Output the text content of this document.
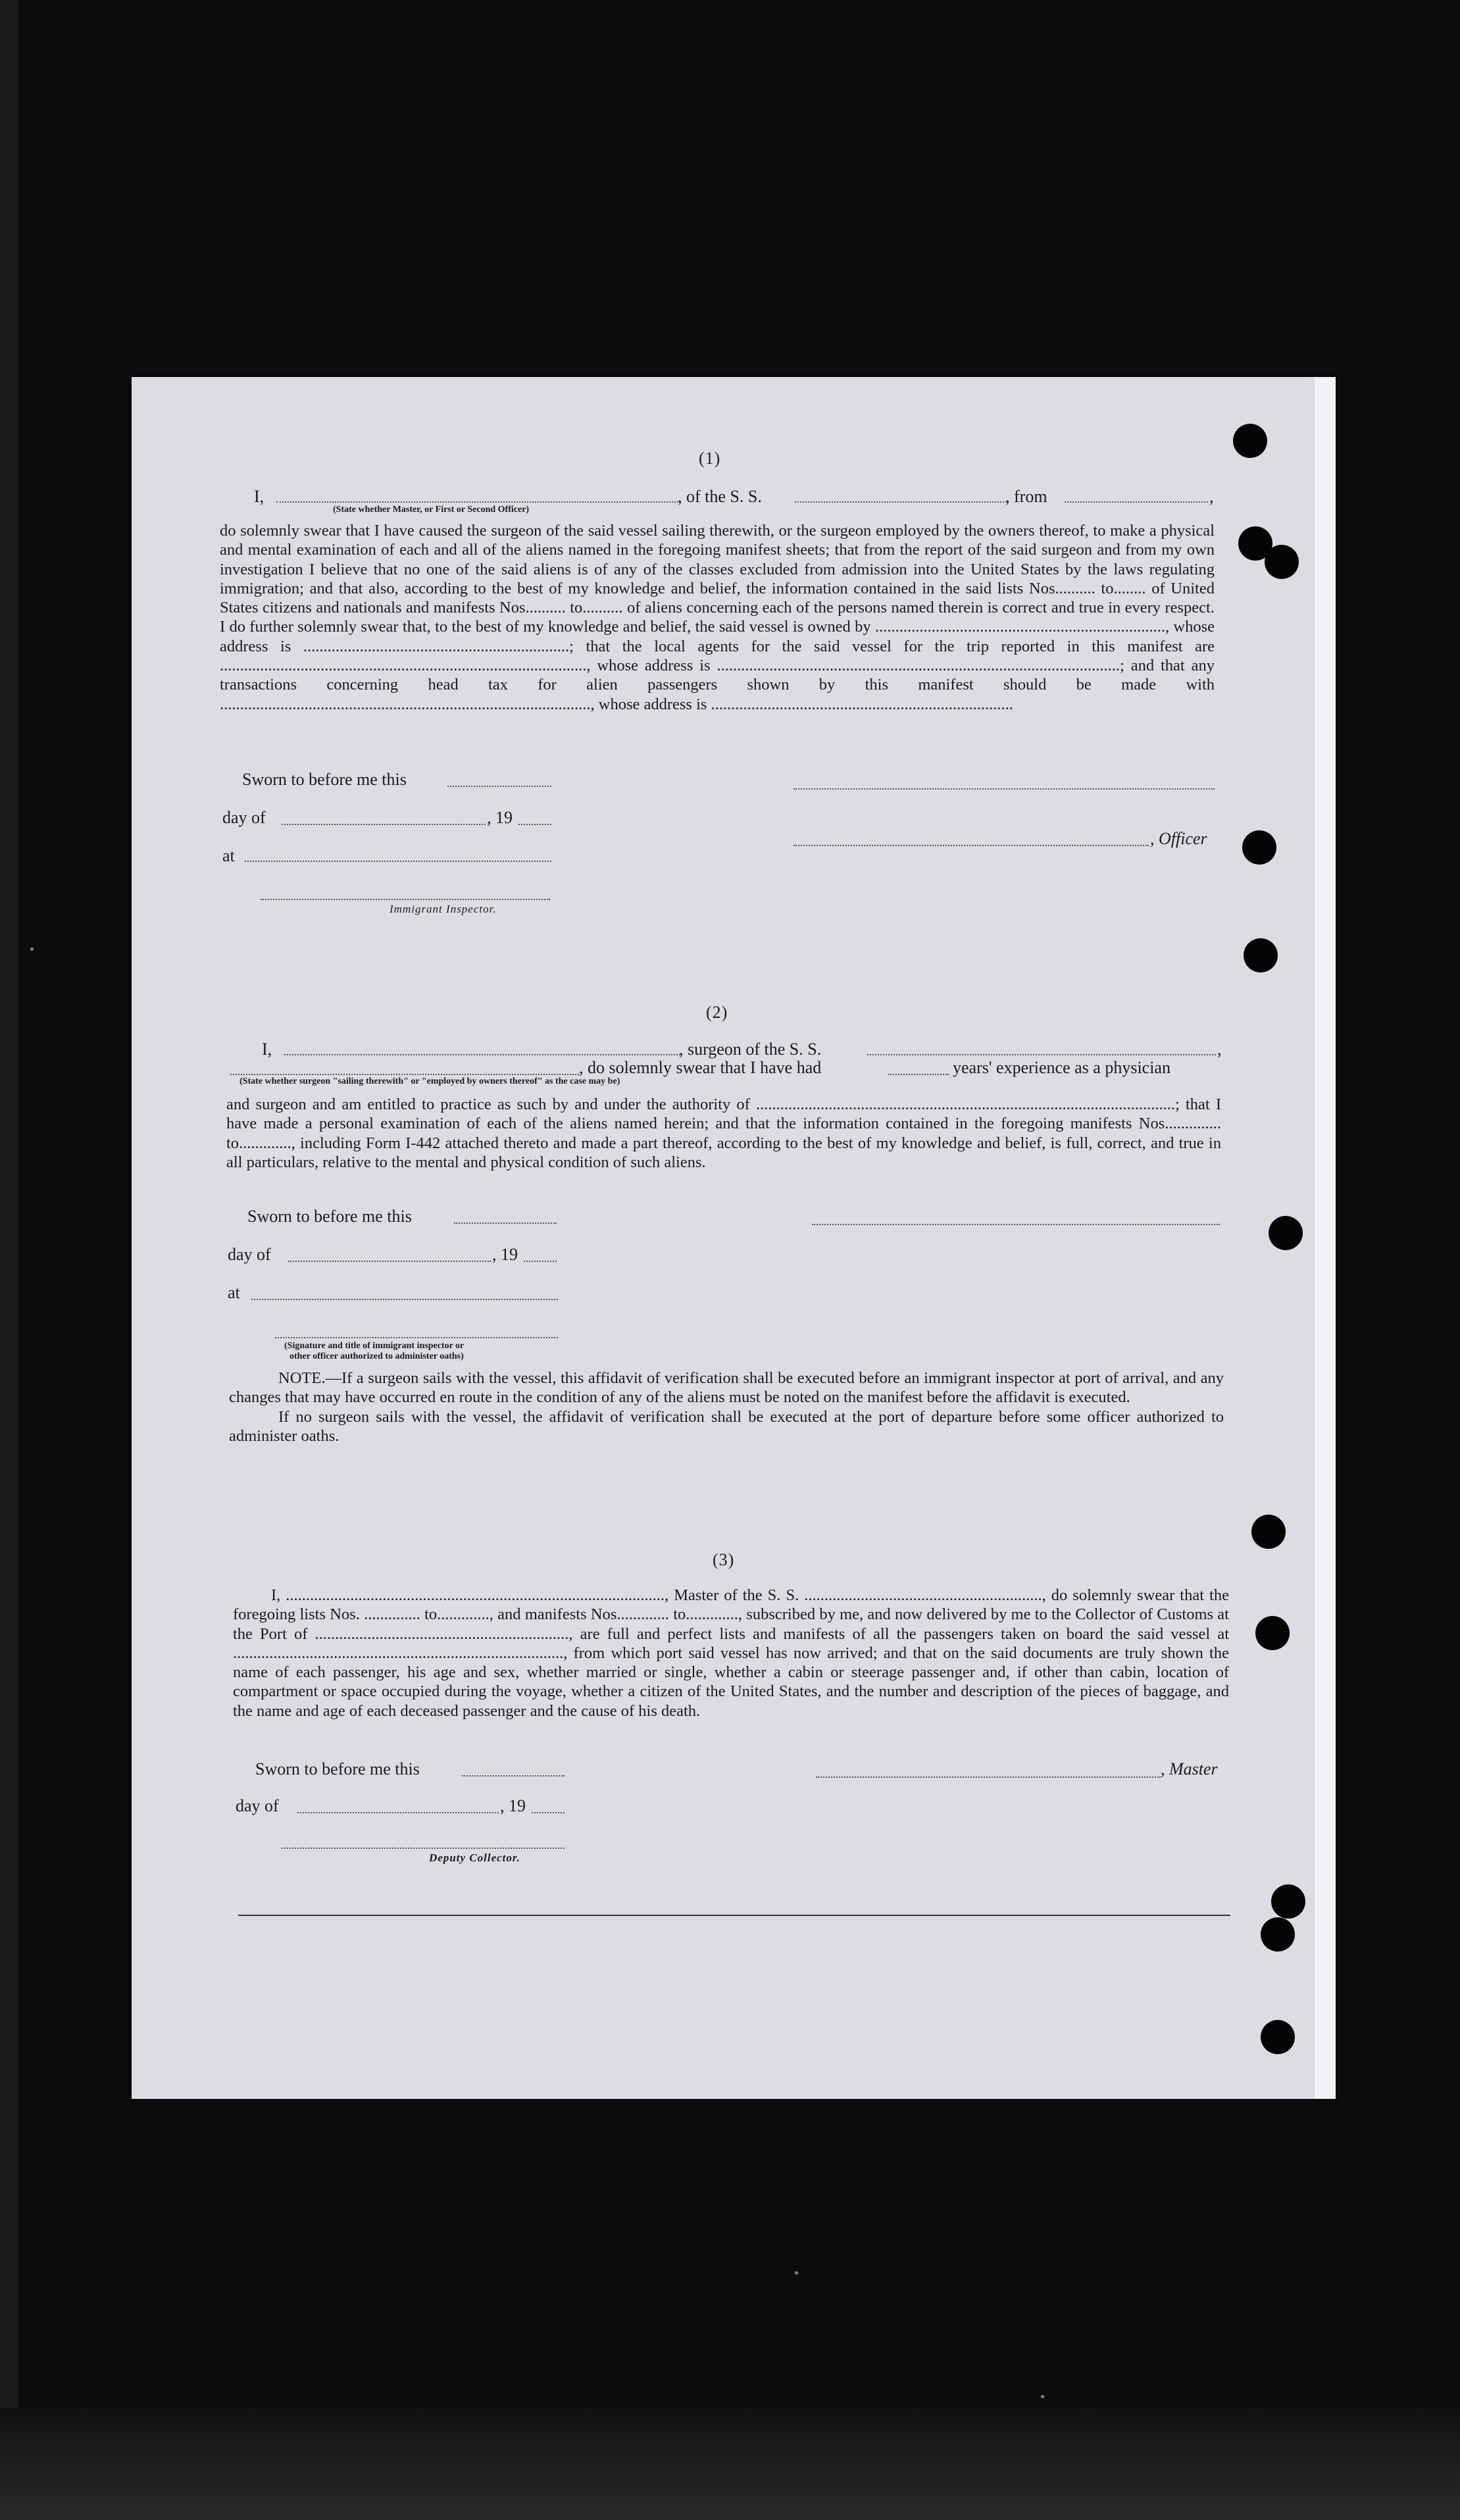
(1)
I,	, of the S. S.	, from	,
(State whether Master, or First or Second Officer)

do solemnly swear that I have caused the surgeon of the said vessel sailing therewith, or the surgeon employed by the owners thereof, to make a physical and mental examination of each and all of the aliens named in the foregoing manifest sheets; that from the report of the said surgeon and from my own investigation I believe that no one of the said aliens is of any of the classes excluded from admission into the United States by the laws regulating immigration; and that also, according to the best of my knowledge and belief, the information contained in the said lists Nos.......... to........ of United States citizens and nationals and manifests Nos.......... to.......... of aliens concerning each of the persons named therein is correct and true in every respect. I do further solemnly swear that, to the best of my knowledge and belief, the said vessel is owned by ........................................................................, whose address is ..................................................................; that the local agents for the said vessel for the trip reported in this manifest are ..........................................................................................., whose address is ....................................................................................................; and that any transactions concerning head tax for alien passengers shown by this manifest should be made with ............................................................................................, whose address is ...........................................................................

Sworn to before me this
day of	, 19
, Officer
at
Immigrant Inspector.
(2)
I,	, surgeon of the S. S.	,
, do solemnly swear that I have had	years' experience as a physician
(State whether surgeon "sailing therewith" or "employed by owners thereof" as the case may be)

and surgeon and am entitled to practice as such by and under the authority of ........................................................................................................; that I have made a personal examination of each of the aliens named herein; and that the information contained in the foregoing manifests Nos.............. to............., including Form I-442 attached thereto and made a part thereof, according to the best of my knowledge and belief, is full, correct, and true in all particulars, relative to the mental and physical condition of such aliens.

Sworn to before me this
day of	, 19
at
(Signature and title of immigrant inspector or
other officer authorized to administer oaths)

NOTE.—If a surgeon sails with the vessel, this affidavit of verification shall be executed before an immigrant inspector at port of arrival, and any changes that may have occurred en route in the condition of any of the aliens must be noted on the manifest before the affidavit is executed.

If no surgeon sails with the vessel, the affidavit of verification shall be executed at the port of departure before some officer authorized to administer oaths.

(3)

I, .............................................................................................., Master of the S. S. ..........................................................., do solemnly swear that the foregoing lists Nos. .............. to............., and manifests Nos............. to............., subscribed by me, and now delivered by me to the Collector of Customs at the Port of ..............................................................., are full and perfect lists and manifests of all the passengers taken on board the said vessel at .................................................................................., from which port said vessel has now arrived; and that on the said documents are truly shown the name of each passenger, his age and sex, whether married or single, whether a cabin or steerage passenger and, if other than cabin, location of compartment or space occupied during the voyage, whether a citizen of the United States, and the number and description of the pieces of baggage, and the name and age of each deceased passenger and the cause of his death.

Sworn to before me this	, Master
day of	, 19
Deputy Collector.
